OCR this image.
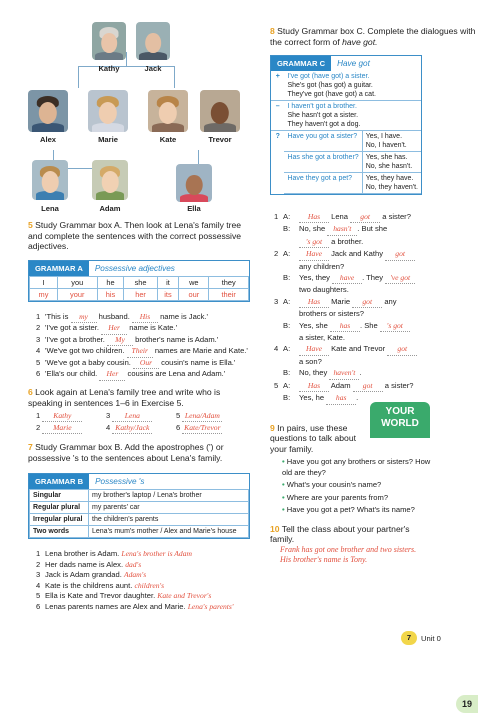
Kathy	Jack
Alex	Marie	Kate	Trevor
Lena	Adam	Ella
5 Study Grammar box A. Then look at Lena's family tree and complete the sentences with the correct possessive adjectives.
GRAMMAR A	Possessive adjectives
I	you	he	she	it	we	they
my	your	his	her	its	our	their
1 'This is my husband. His name is Jack.'
2 'I've got a sister. Her name is Kate.'
3 'I've got a brother. My brother's name is Adam.'
4 'We've got two children. Their names are Marie and Kate.'
5 'We've got a baby cousin. Our cousin's name is Ella.'
6 'Ella's our child. Her cousins are Lena and Adam.'
6 Look again at Lena's family tree and write who is speaking in sentences 1–6 in Exercise 5.
1 Kathy	3 Lena	5 Lena/Adam
2 Marie	4 Kathy/Jack	6 Kate/Trevor
7 Study Grammar box B. Add the apostrophes (') or possessive 's to the sentences about Lena's family.
GRAMMAR B	Possessive 's
Singular	my brother's laptop / Lena's brother
Regular plural	my parents' car
Irregular plural	the children's parents
Two words	Lena's mum's mother / Alex and Marie's house
1 Lena brother is Adam. Lena's brother is Adam
2 Her dads name is Alex. dad's
3 Jack is Adam grandad. Adam's
4 Kate is the childrens aunt. children's
5 Ella is Kate and Trevor daughter. Kate and Trevor's
6 Lenas parents names are Alex and Marie. Lena's parents'
8 Study Grammar box C. Complete the dialogues with the correct form of have got.
GRAMMAR C	Have got
+	I've got (have got) a sister.
She's got (has got) a guitar.
They've got (have got) a cat.

–	I haven't got a brother.
She hasn't got a sister.
They haven't got a dog.

?	Have you got a sister?	Yes, I have.
No, I haven't.

Has she got a brother?	Yes, she has.
No, she hasn't.

Have they got a pet?	Yes, they have.
No, they haven't.
1 A:	Has Lena got a sister?
B:	No, she hasn't . But she
's got a brother.
2 A:	Have Jack and Kathy got
any children?
B:	Yes, they have . They 've got
two daughters.
3 A:	Has Marie got any
brothers or sisters?
B:	Yes, she has . She 's got
a sister, Kate.
4 A:	Have Kate and Trevor got
a son?
B:	No, they haven't .
5 A:	Has Adam got a sister?
B:	Yes, he has .
9 In pairs, use these questions to talk about your family.
• Have you got any brothers or sisters? How old are they?
• What's your cousin's name?
• Where are your parents from?
• Have you got a pet? What's its name?
10 Tell the class about your partner's family.
Frank has got one brother and two sisters. His brother's name is Tony.
YOUR
WORLD
7	Unit 0
19
